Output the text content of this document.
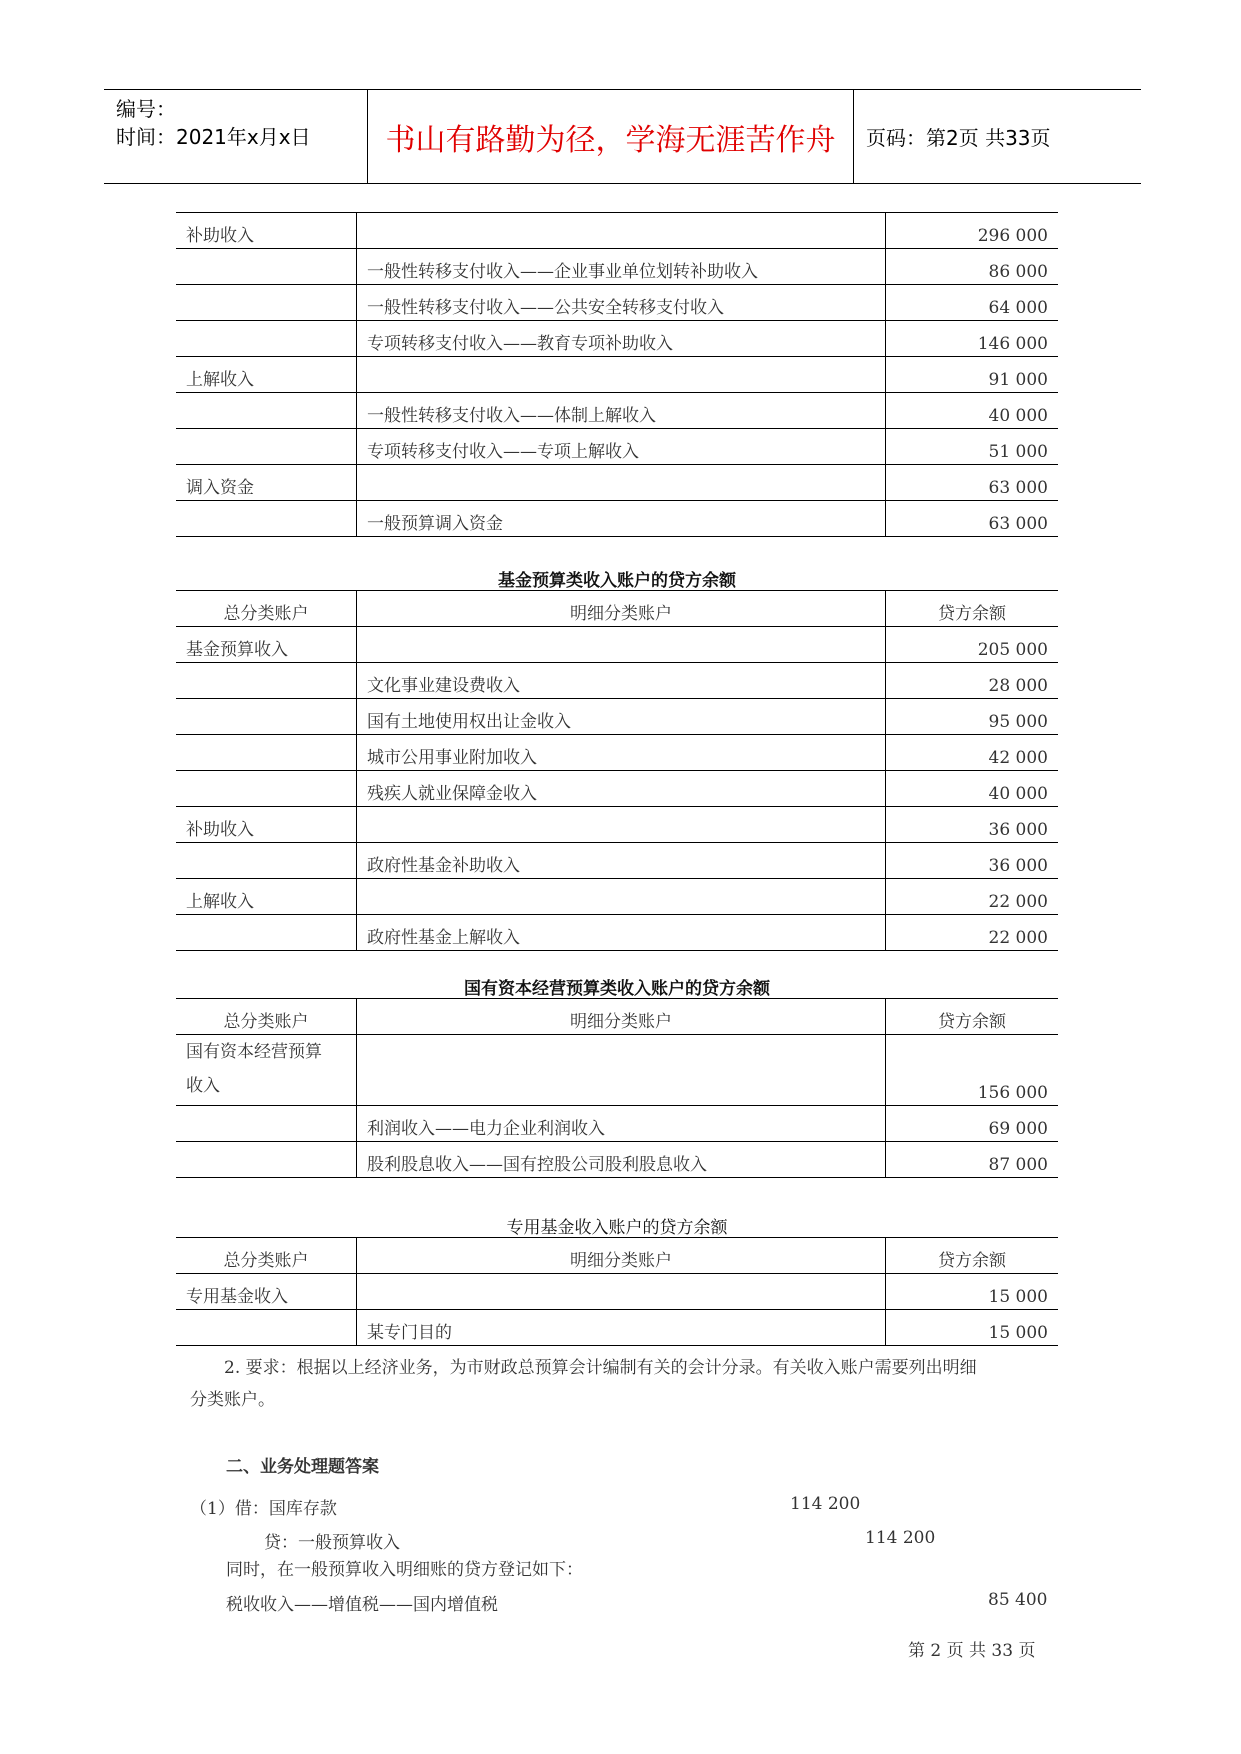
编号：
时间：2021年x月x日	书山有路勤为径，学海无涯苦作舟	页码：第2页 共33页
补助收入		296 000
	一般性转移支付收入——企业事业单位划转补助收入	86 000
	一般性转移支付收入——公共安全转移支付收入	64 000
	专项转移支付收入——教育专项补助收入	146 000
上解收入		91 000
	一般性转移支付收入——体制上解收入	40 000
	专项转移支付收入——专项上解收入	51 000
调入资金		63 000
	一般预算调入资金	63 000
基金预算类收入账户的贷方余额
总分类账户	明细分类账户	贷方余额
基金预算收入		205 000
	文化事业建设费收入	28 000
	国有土地使用权出让金收入	95 000
	城市公用事业附加收入	42 000
	残疾人就业保障金收入	40 000
补助收入		36 000
	政府性基金补助收入	36 000
上解收入		22 000
	政府性基金上解收入	22 000
国有资本经营预算类收入账户的贷方余额
总分类账户	明细分类账户	贷方余额
国有资本经营预算
收入		156 000
	利润收入——电力企业利润收入	69 000
	股利股息收入——国有控股公司股利股息收入	87 000
专用基金收入账户的贷方余额
总分类账户	明细分类账户	贷方余额
专用基金收入		15 000
	某专门目的	15 000
2. 要求：根据以上经济业务，为市财政总预算会计编制有关的会计分录。有关收入账户需要列出明细
分类账户。
二、业务处理题答案
（1）借：国库存款	114 200
贷：一般预算收入	114 200
同时，在一般预算收入明细账的贷方登记如下：
税收收入——增值税——国内增值税	85 400
第 2 页 共 33 页
